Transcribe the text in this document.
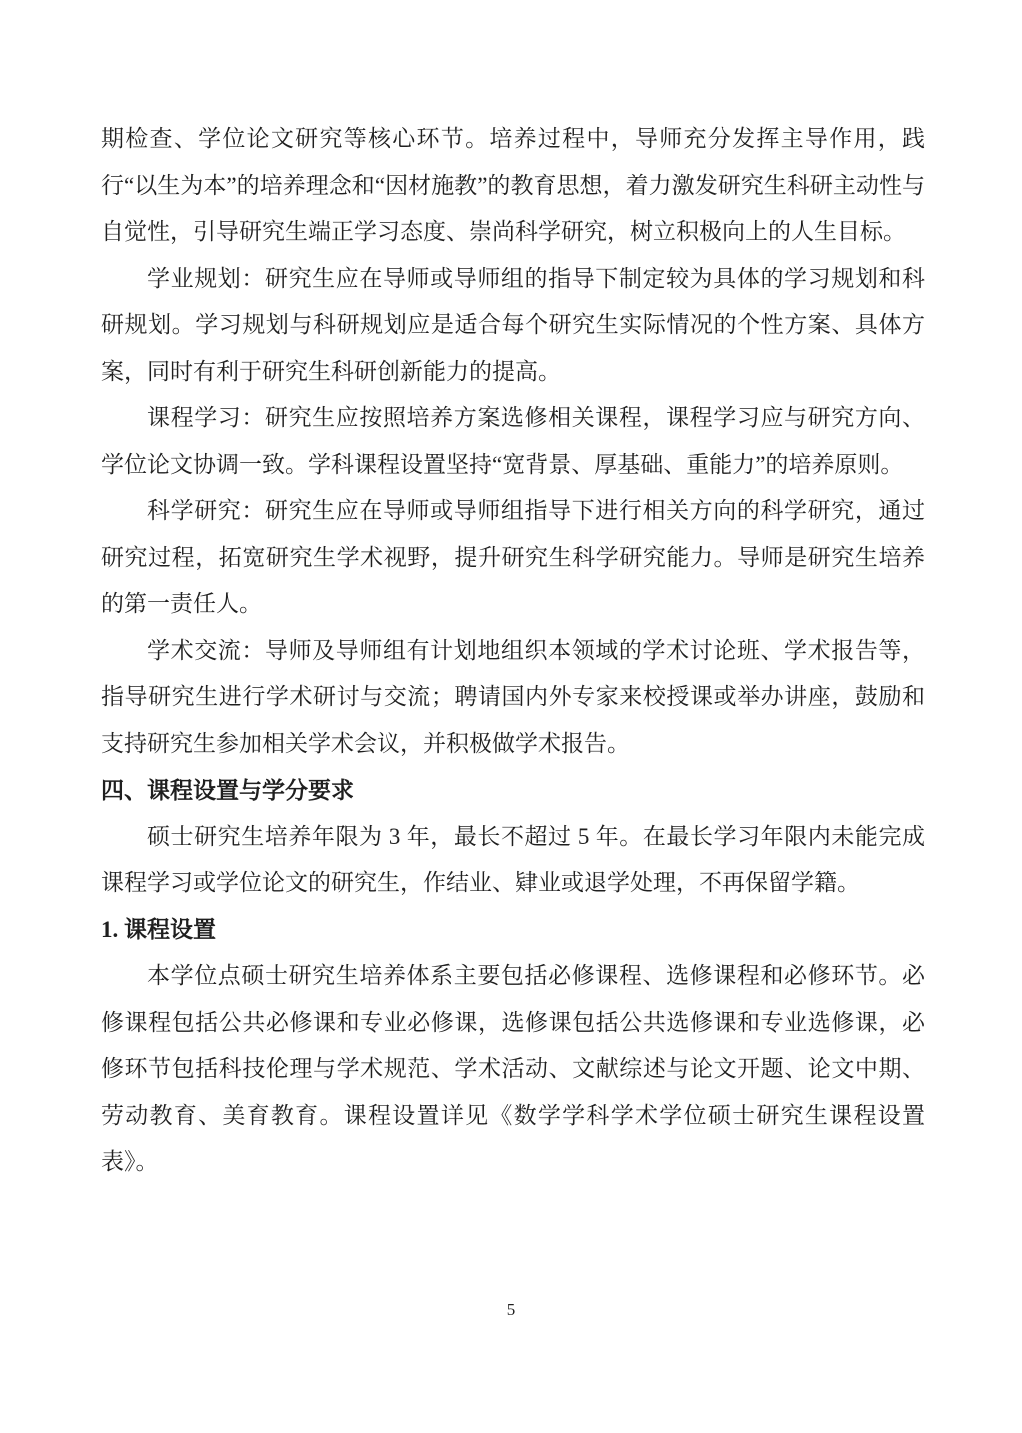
期检查、学位论文研究等核心环节。培养过程中，导师充分发挥主导作用，践行“以生为本”的培养理念和“因材施教”的教育思想，着力激发研究生科研主动性与自觉性，引导研究生端正学习态度、崇尚科学研究，树立积极向上的人生目标。

学业规划：研究生应在导师或导师组的指导下制定较为具体的学习规划和科研规划。学习规划与科研规划应是适合每个研究生实际情况的个性方案、具体方案，同时有利于研究生科研创新能力的提高。

课程学习：研究生应按照培养方案选修相关课程，课程学习应与研究方向、学位论文协调一致。学科课程设置坚持“宽背景、厚基础、重能力”的培养原则。

科学研究：研究生应在导师或导师组指导下进行相关方向的科学研究，通过研究过程，拓宽研究生学术视野，提升研究生科学研究能力。导师是研究生培养的第一责任人。

学术交流：导师及导师组有计划地组织本领域的学术讨论班、学术报告等，指导研究生进行学术研讨与交流；聘请国内外专家来校授课或举办讲座，鼓励和支持研究生参加相关学术会议，并积极做学术报告。

四、课程设置与学分要求

硕士研究生培养年限为 3 年，最长不超过 5 年。在最长学习年限内未能完成课程学习或学位论文的研究生，作结业、肄业或退学处理，不再保留学籍。

1. 课程设置

本学位点硕士研究生培养体系主要包括必修课程、选修课程和必修环节。必修课程包括公共必修课和专业必修课，选修课包括公共选修课和专业选修课，必修环节包括科技伦理与学术规范、学术活动、文献综述与论文开题、论文中期、劳动教育、美育教育。课程设置详见《数学学科学术学位硕士研究生课程设置表》。

5
